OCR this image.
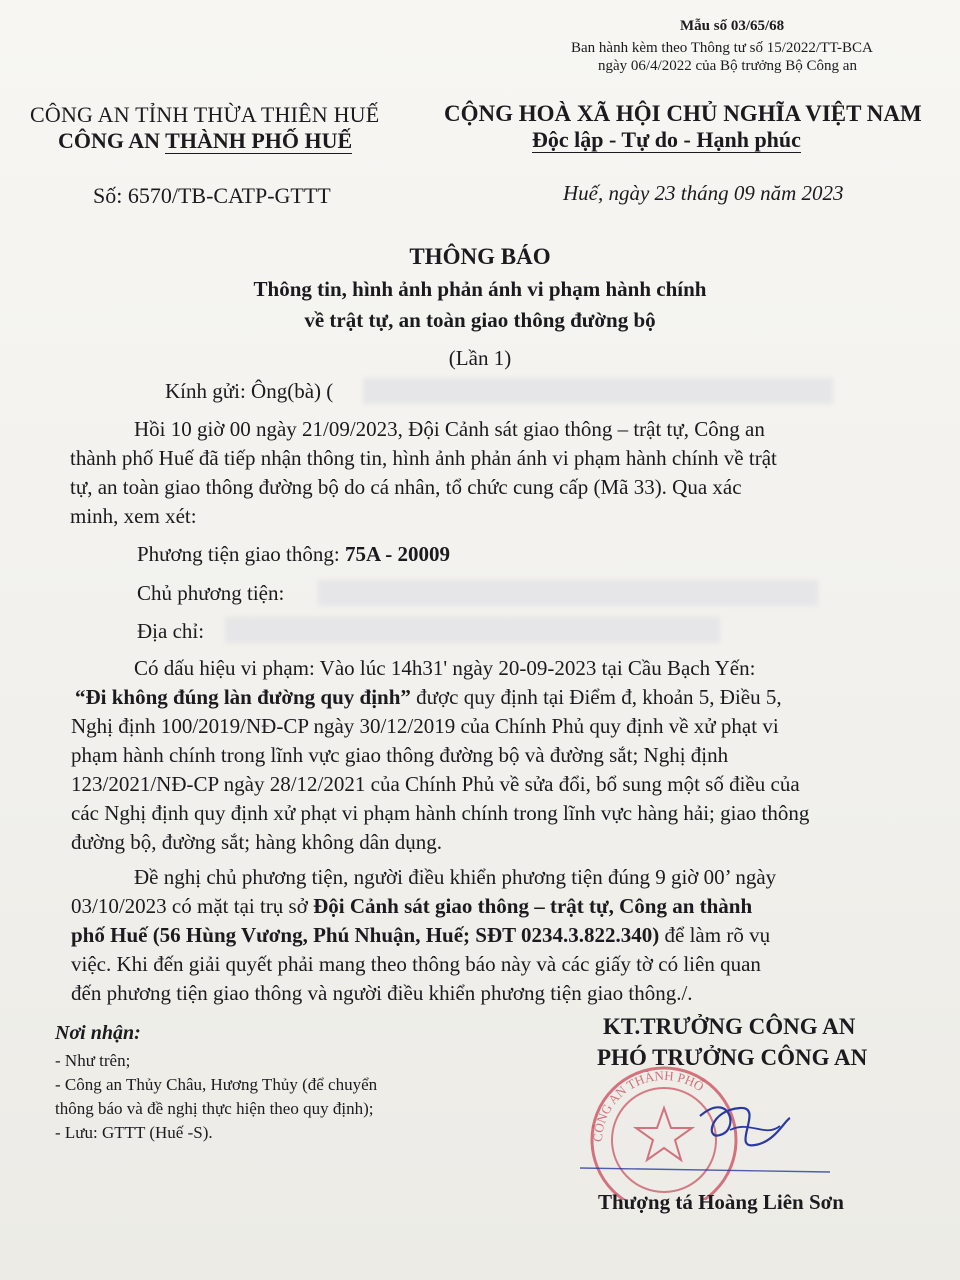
Mẫu số 03/65/68
Ban hành kèm theo Thông tư số 15/2022/TT-BCA
ngày 06/4/2022 của Bộ trưởng Bộ Công an
CÔNG AN TỈNH THỪA THIÊN HUẾ
CÔNG AN THÀNH PHỐ HUẾ
CỘNG HOÀ XÃ HỘI CHỦ NGHĨA VIỆT NAM
Độc lập - Tự do - Hạnh phúc
Số: 6570/TB-CATP-GTTT	Huế, ngày 23 tháng 09 năm 2023
THÔNG BÁO
Thông tin, hình ảnh phản ánh vi phạm hành chính
về trật tự, an toàn giao thông đường bộ
(Lần 1)
Kính gửi: Ông(bà) (
Hồi 10 giờ 00 ngày 21/09/2023, Đội Cảnh sát giao thông – trật tự, Công an
thành phố Huế đã tiếp nhận thông tin, hình ảnh phản ánh vi phạm hành chính về trật
tự, an toàn giao thông đường bộ do cá nhân, tổ chức cung cấp (Mã 33). Qua xác
minh, xem xét:
Phương tiện giao thông: 75A - 20009
Chủ phương tiện:
Địa chỉ:
Có dấu hiệu vi phạm: Vào lúc 14h31' ngày 20-09-2023 tại Cầu Bạch Yến:
“Đi không đúng làn đường quy định” được quy định tại Điểm đ, khoản 5, Điều 5,
Nghị định 100/2019/NĐ-CP ngày 30/12/2019 của Chính Phủ quy định về xử phạt vi
phạm hành chính trong lĩnh vực giao thông đường bộ và đường sắt; Nghị định
123/2021/NĐ-CP ngày 28/12/2021 của Chính Phủ về sửa đổi, bổ sung một số điều của
các Nghị định quy định xử phạt vi phạm hành chính trong lĩnh vực hàng hải; giao thông
đường bộ, đường sắt; hàng không dân dụng.
Đề nghị chủ phương tiện, người điều khiển phương tiện đúng 9 giờ 00’ ngày
03/10/2023 có mặt tại trụ sở Đội Cảnh sát giao thông – trật tự, Công an thành
phố Huế (56 Hùng Vương, Phú Nhuận, Huế; SĐT 0234.3.822.340) để làm rõ vụ
việc. Khi đến giải quyết phải mang theo thông báo này và các giấy tờ có liên quan
đến phương tiện giao thông và người điều khiển phương tiện giao thông./.
Nơi nhận:
- Như trên;
- Công an Thủy Châu, Hương Thủy (để chuyển
thông báo và đề nghị thực hiện theo quy định);
- Lưu: GTTT (Huế -S).
KT.TRƯỞNG CÔNG AN
PHÓ TRƯỞNG CÔNG AN
CÔNG AN THÀNH PHỐ
Thượng tá Hoàng Liên Sơn
